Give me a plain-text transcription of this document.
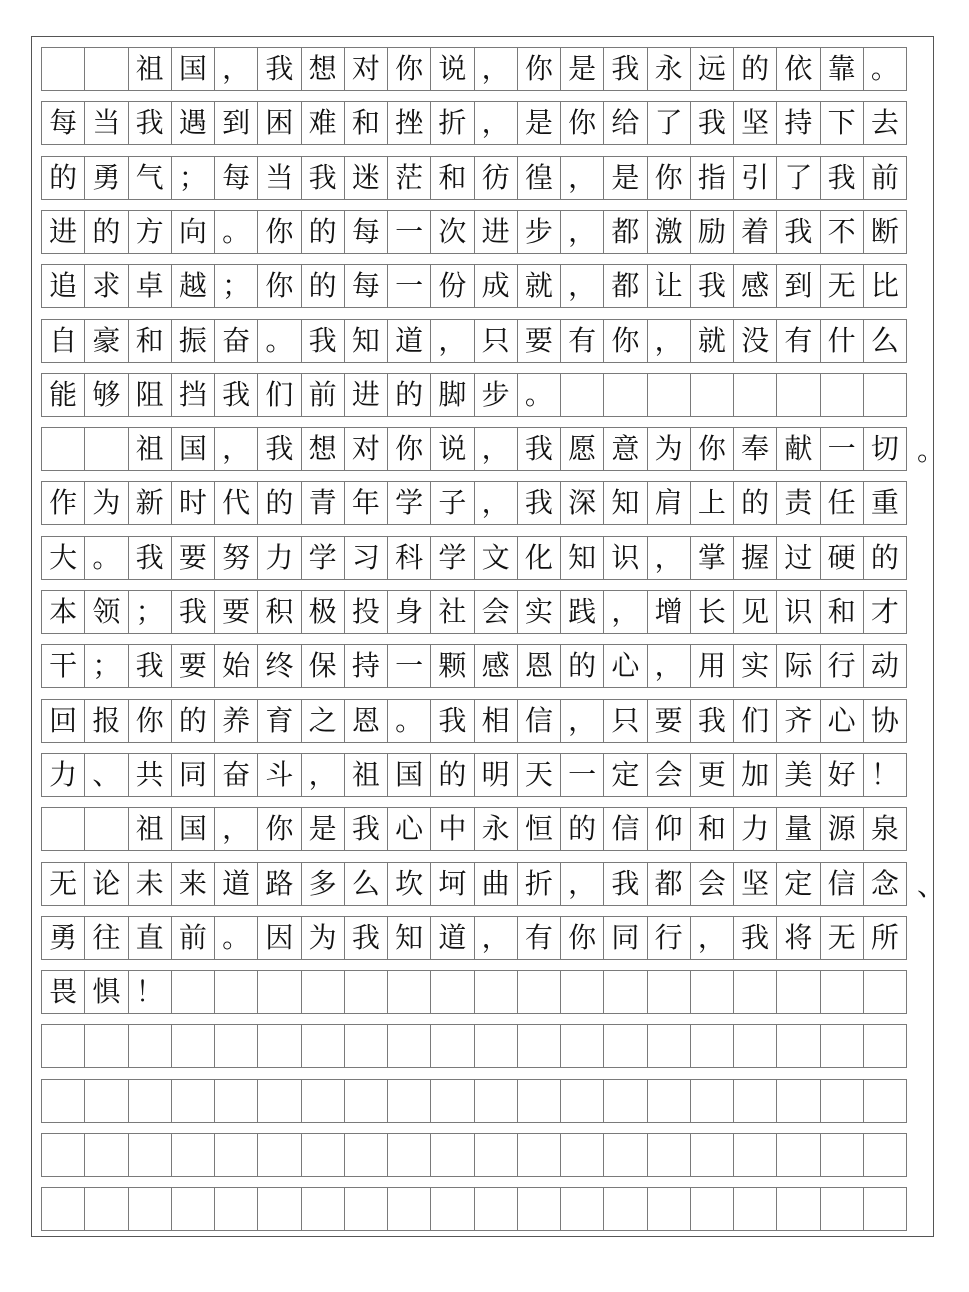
祖 国 ， 我 想 对 你 说 ， 你 是 我 永 远 的 依 靠 。
每 当 我 遇 到 困 难 和 挫 折 ， 是 你 给 了 我 坚 持 下 去
的 勇 气 ； 每 当 我 迷 茫 和 彷 徨 ， 是 你 指 引 了 我 前
进 的 方 向 。 你 的 每 一 次 进 步 ， 都 激 励 着 我 不 断
追 求 卓 越 ； 你 的 每 一 份 成 就 ， 都 让 我 感 到 无 比
自 豪 和 振 奋 。 我 知 道 ， 只 要 有 你 ， 就 没 有 什 么
能 够 阻 挡 我 们 前 进 的 脚 步 。
祖 国 ， 我 想 对 你 说 ， 我 愿 意 为 你 奉 献 一 切 。
作 为 新 时 代 的 青 年 学 子 ， 我 深 知 肩 上 的 责 任 重
大 。 我 要 努 力 学 习 科 学 文 化 知 识 ， 掌 握 过 硬 的
本 领 ； 我 要 积 极 投 身 社 会 实 践 ， 增 长 见 识 和 才
干 ； 我 要 始 终 保 持 一 颗 感 恩 的 心 ， 用 实 际 行 动
回 报 你 的 养 育 之 恩 。 我 相 信 ， 只 要 我 们 齐 心 协
力 、 共 同 奋 斗 ， 祖 国 的 明 天 一 定 会 更 加 美 好 ！
祖 国 ， 你 是 我 心 中 永 恒 的 信 仰 和 力 量 源 泉
无 论 未 来 道 路 多 么 坎 坷 曲 折 ， 我 都 会 坚 定 信 念 、
勇 往 直 前 。 因 为 我 知 道 ， 有 你 同 行 ， 我 将 无 所
畏 惧 ！
